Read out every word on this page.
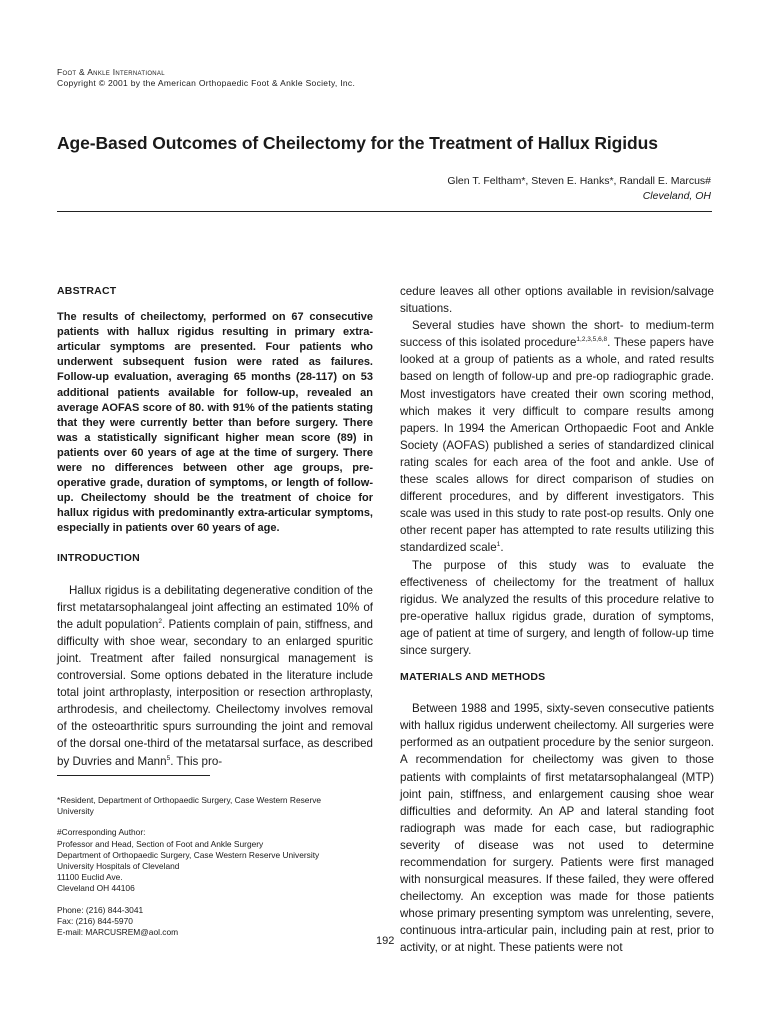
Foot & Ankle International
Copyright © 2001 by the American Orthopaedic Foot & Ankle Society, Inc.
Age-Based Outcomes of Cheilectomy for the Treatment of Hallux Rigidus
Glen T. Feltham*, Steven E. Hanks*, Randall E. Marcus#
Cleveland, OH
ABSTRACT

The results of cheilectomy, performed on 67 consecutive patients with hallux rigidus resulting in primary extra-articular symptoms are presented. Four patients who underwent subsequent fusion were rated as failures. Follow-up evaluation, averaging 65 months (28-117) on 53 additional patients available for follow-up, revealed an average AOFAS score of 80. with 91% of the patients stating that they were currently better than before surgery. There was a statistically significant higher mean score (89) in patients over 60 years of age at the time of surgery. There were no differences between other age groups, pre-operative grade, duration of symptoms, or length of follow-up. Cheilectomy should be the treatment of choice for hallux rigidus with predominantly extra-articular symptoms, especially in patients over 60 years of age.

INTRODUCTION

Hallux rigidus is a debilitating degenerative condition of the first metatarsophalangeal joint affecting an estimated 10% of the adult population$^2$. Patients complain of pain, stiffness, and difficulty with shoe wear, secondary to an enlarged spuritic joint. Treatment after failed nonsurgical management is controversial. Some options debated in the literature include total joint arthroplasty, interposition or resection arthroplasty, arthrodesis, and cheilectomy. Cheilectomy involves removal of the osteoarthritic spurs surrounding the joint and removal of the dorsal one-third of the metatarsal surface, as described by Duvries and Mann$^5$. This pro-

cedure leaves all other options available in revision/salvage situations.

Several studies have shown the short- to medium-term success of this isolated procedure$^{1,2,3,5,6,8}$. These papers have looked at a group of patients as a whole, and rated results based on length of follow-up and pre-op radiographic grade. Most investigators have created their own scoring method, which makes it very difficult to compare results among papers. In 1994 the American Orthopaedic Foot and Ankle Society (AOFAS) published a series of standardized clinical rating scales for each area of the foot and ankle. Use of these scales allows for direct comparison of studies on different procedures, and by different investigators. This scale was used in this study to rate post-op results. Only one other recent paper has attempted to rate results utilizing this standardized scale$^1$.

The purpose of this study was to evaluate the effectiveness of cheilectomy for the treatment of hallux rigidus. We analyzed the results of this procedure relative to pre-operative hallux rigidus grade, duration of symptoms, age of patient at time of surgery, and length of follow-up time since surgery.

MATERIALS AND METHODS

Between 1988 and 1995, sixty-seven consecutive patients with hallux rigidus underwent cheilectomy. All surgeries were performed as an outpatient procedure by the senior surgeon. A recommendation for cheilectomy was given to those patients with complaints of first metatarsophalangeal (MTP) joint pain, stiffness, and enlargement causing shoe wear difficulties and deformity. An AP and lateral standing foot radiograph was made for each case, but radiographic severity of disease was not used to determine recommendation for surgery. Patients were first managed with nonsurgical measures. If these failed, they were offered cheilectomy. An exception was made for those patients whose primary presenting symptom was unrelenting, severe, continuous intra-articular pain, including pain at rest, prior to activity, or at night. These patients were not

*Resident, Department of Orthopaedic Surgery, Case Western Reserve University
#Corresponding Author:
Professor and Head, Section of Foot and Ankle Surgery
Department of Orthopaedic Surgery, Case Western Reserve University
University Hospitals of Cleveland
11100 Euclid Ave.
Cleveland OH 44106
Phone: (216) 844-3041
Fax: (216) 844-5970
E-mail: MARCUSREM@aol.com
192
